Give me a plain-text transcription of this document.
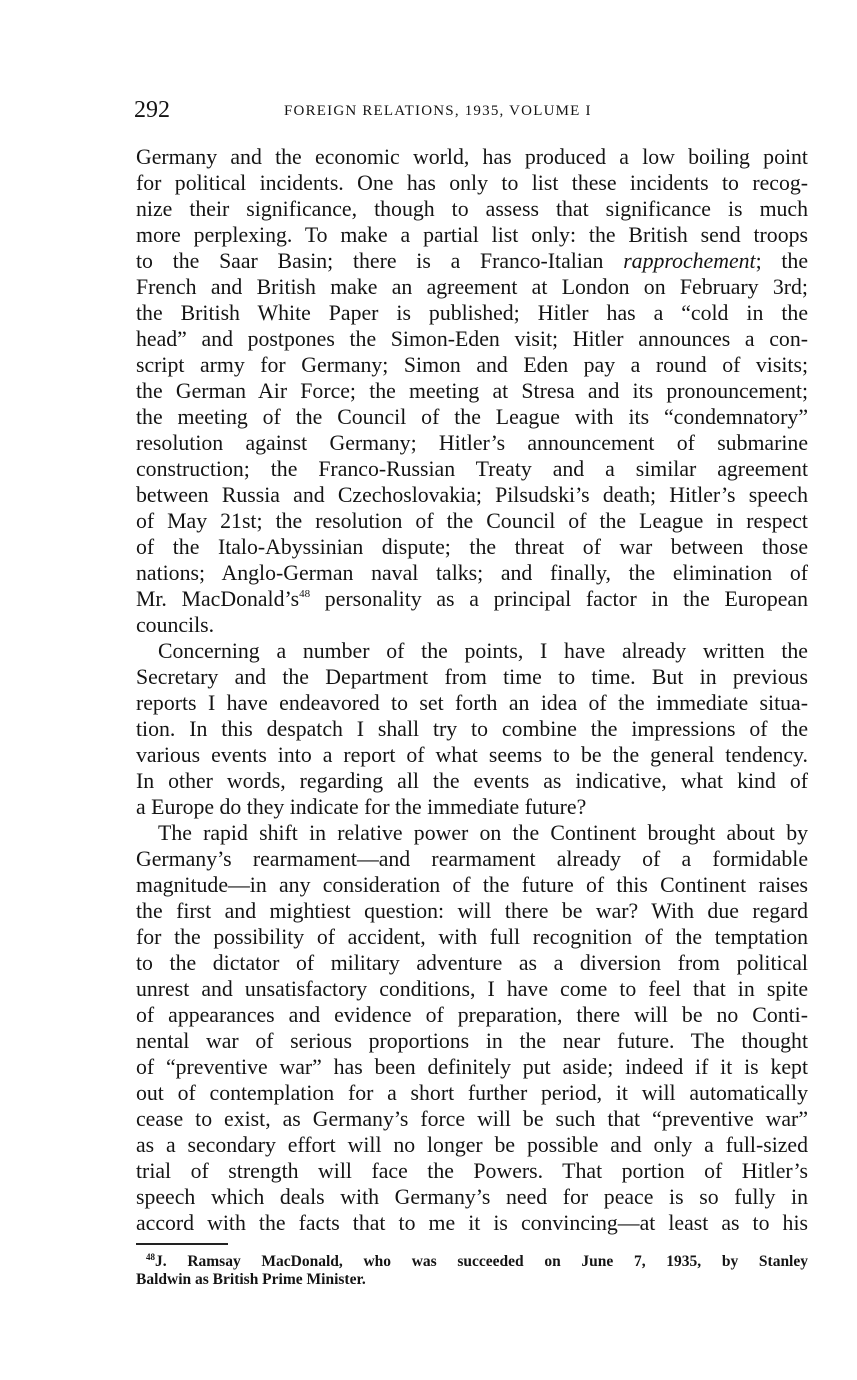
292	FOREIGN RELATIONS, 1935, VOLUME I
Germany and the economic world, has produced a low boiling point
for political incidents. One has only to list these incidents to recog-
nize their significance, though to assess that significance is much
more perplexing. To make a partial list only: the British send troops
to the Saar Basin; there is a Franco-Italian rapprochement; the
French and British make an agreement at London on February 3rd;
the British White Paper is published; Hitler has a “cold in the
head” and postpones the Simon-Eden visit; Hitler announces a con-
script army for Germany; Simon and Eden pay a round of visits;
the German Air Force; the meeting at Stresa and its pronouncement;
the meeting of the Council of the League with its “condemnatory”
resolution against Germany; Hitler’s announcement of submarine
construction; the Franco-Russian Treaty and a similar agreement
between Russia and Czechoslovakia; Pilsudski’s death; Hitler’s speech
of May 21st; the resolution of the Council of the League in respect
of the Italo-Abyssinian dispute; the threat of war between those
nations; Anglo-German naval talks; and finally, the elimination of
Mr. MacDonald’s$^{48}$ personality as a principal factor in the European
councils.
Concerning a number of the points, I have already written the
Secretary and the Department from time to time. But in previous
reports I have endeavored to set forth an idea of the immediate situa-
tion. In this despatch I shall try to combine the impressions of the
various events into a report of what seems to be the general tendency.
In other words, regarding all the events as indicative, what kind of
a Europe do they indicate for the immediate future?
The rapid shift in relative power on the Continent brought about by
Germany’s rearmament—and rearmament already of a formidable
magnitude—in any consideration of the future of this Continent raises
the first and mightiest question: will there be war? With due regard
for the possibility of accident, with full recognition of the temptation
to the dictator of military adventure as a diversion from political
unrest and unsatisfactory conditions, I have come to feel that in spite
of appearances and evidence of preparation, there will be no Conti-
nental war of serious proportions in the near future. The thought
of “preventive war” has been definitely put aside; indeed if it is kept
out of contemplation for a short further period, it will automatically
cease to exist, as Germany’s force will be such that “preventive war”
as a secondary effort will no longer be possible and only a full-sized
trial of strength will face the Powers. That portion of Hitler’s
speech which deals with Germany’s need for peace is so fully in
accord with the facts that to me it is convincing—at least as to his
$^{48}$J. Ramsay MacDonald, who was succeeded on June 7, 1935, by Stanley
Baldwin as British Prime Minister.
